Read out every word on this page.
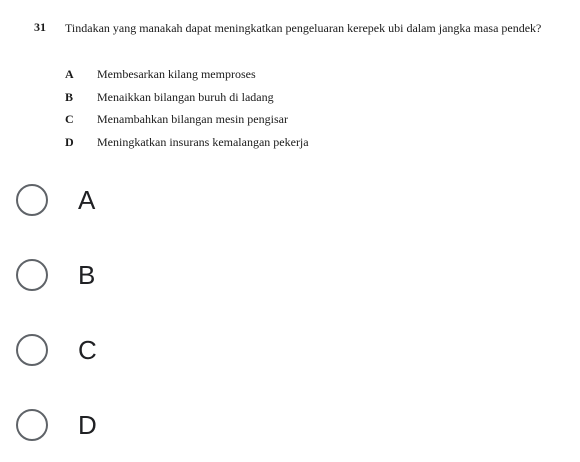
31 Tindakan yang manakah dapat meningkatkan pengeluaran kerepek ubi dalam jangka masa pendek?
A	Membesarkan kilang memproses
B	Menaikkan bilangan buruh di ladang
C	Menambahkan bilangan mesin pengisar
D	Meningkatkan insurans kemalangan pekerja
A
B
C
D
